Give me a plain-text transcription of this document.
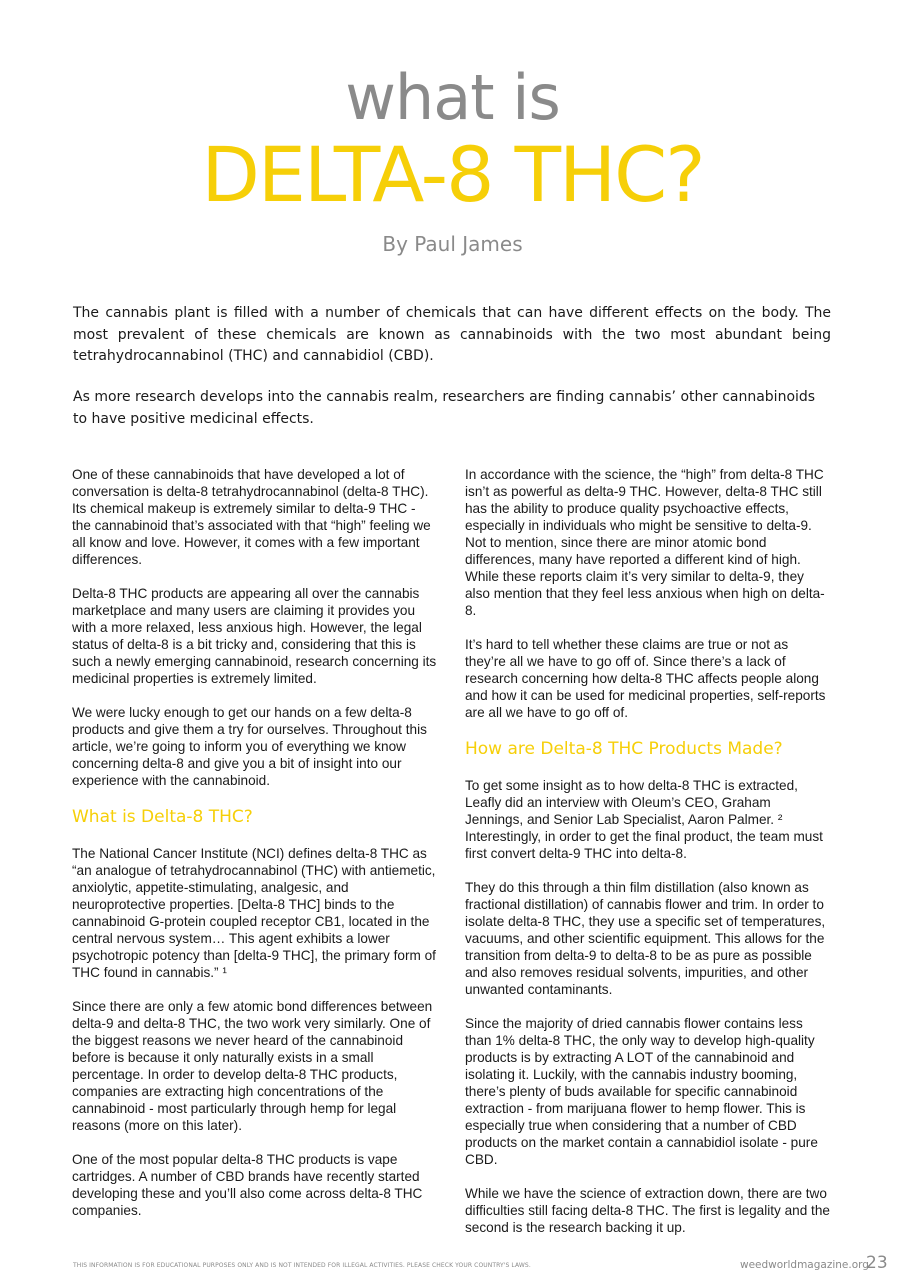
what is
DELTA-8 THC?
By Paul James

The cannabis plant is filled with a number of chemicals that can have different effects on the body. The most prevalent of these chemicals are known as cannabinoids with the two most abundant being tetrahydrocannabinol (THC) and cannabidiol (CBD).

As more research develops into the cannabis realm, researchers are finding cannabis’ other cannabinoids to have positive medicinal effects.

One of these cannabinoids that have developed a lot of conversation is delta-8 tetrahydrocannabinol (delta-8 THC). Its chemical makeup is extremely similar to delta-9 THC - the cannabinoid that’s associated with that “high” feeling we all know and love. However, it comes with a few important differences.

Delta-8 THC products are appearing all over the cannabis marketplace and many users are claiming it provides you with a more relaxed, less anxious high. However, the legal status of delta-8 is a bit tricky and, considering that this is such a newly emerging cannabinoid, research concerning its medicinal properties is extremely limited.

We were lucky enough to get our hands on a few delta-8 products and give them a try for ourselves. Throughout this article, we’re going to inform you of everything we know concerning delta-8 and give you a bit of insight into our experience with the cannabinoid.

What is Delta-8 THC?

The National Cancer Institute (NCI) defines delta-8 THC as “an analogue of tetrahydrocannabinol (THC) with antiemetic, anxiolytic, appetite-stimulating, analgesic, and neuroprotective properties. [Delta-8 THC] binds to the cannabinoid G-protein coupled receptor CB1, located in the central nervous system… This agent exhibits a lower psychotropic potency than [delta-9 THC], the primary form of THC found in cannabis.” ¹

Since there are only a few atomic bond differences between delta-9 and delta-8 THC, the two work very similarly. One of the biggest reasons we never heard of the cannabinoid before is because it only naturally exists in a small percentage. In order to develop delta-8 THC products, companies are extracting high concentrations of the cannabinoid - most particularly through hemp for legal reasons (more on this later).

One of the most popular delta-8 THC products is vape cartridges. A number of CBD brands have recently started developing these and you’ll also come across delta-8 THC companies.

In accordance with the science, the “high” from delta-8 THC isn’t as powerful as delta-9 THC. However, delta-8 THC still has the ability to produce quality psychoactive effects, especially in individuals who might be sensitive to delta-9. Not to mention, since there are minor atomic bond differences, many have reported a different kind of high. While these reports claim it’s very similar to delta-9, they also mention that they feel less anxious when high on delta-8.

It’s hard to tell whether these claims are true or not as they’re all we have to go off of. Since there’s a lack of research concerning how delta-8 THC affects people along and how it can be used for medicinal properties, self-reports are all we have to go off of.

How are Delta-8 THC Products Made?

To get some insight as to how delta-8 THC is extracted, Leafly did an interview with Oleum’s CEO, Graham Jennings, and Senior Lab Specialist, Aaron Palmer. ² Interestingly, in order to get the final product, the team must first convert delta-9 THC into delta-8.

They do this through a thin film distillation (also known as fractional distillation) of cannabis flower and trim. In order to isolate delta-8 THC, they use a specific set of temperatures, vacuums, and other scientific equipment. This allows for the transition from delta-9 to delta-8 to be as pure as possible and also removes residual solvents, impurities, and other unwanted contaminants.

Since the majority of dried cannabis flower contains less than 1% delta-8 THC, the only way to develop high-quality products is by extracting A LOT of the cannabinoid and isolating it. Luckily, with the cannabis industry booming, there’s plenty of buds available for specific cannabinoid extraction - from marijuana flower to hemp flower. This is especially true when considering that a number of CBD products on the market contain a cannabidiol isolate - pure CBD.

While we have the science of extraction down, there are two difficulties still facing delta-8 THC. The first is legality and the second is the research backing it up.

THIS INFORMATION IS FOR EDUCATIONAL PURPOSES ONLY AND IS NOT INTENDED FOR ILLEGAL ACTIVITIES. PLEASE CHECK YOUR COUNTRY'S LAWS.	weedworldmagazine.org
23
